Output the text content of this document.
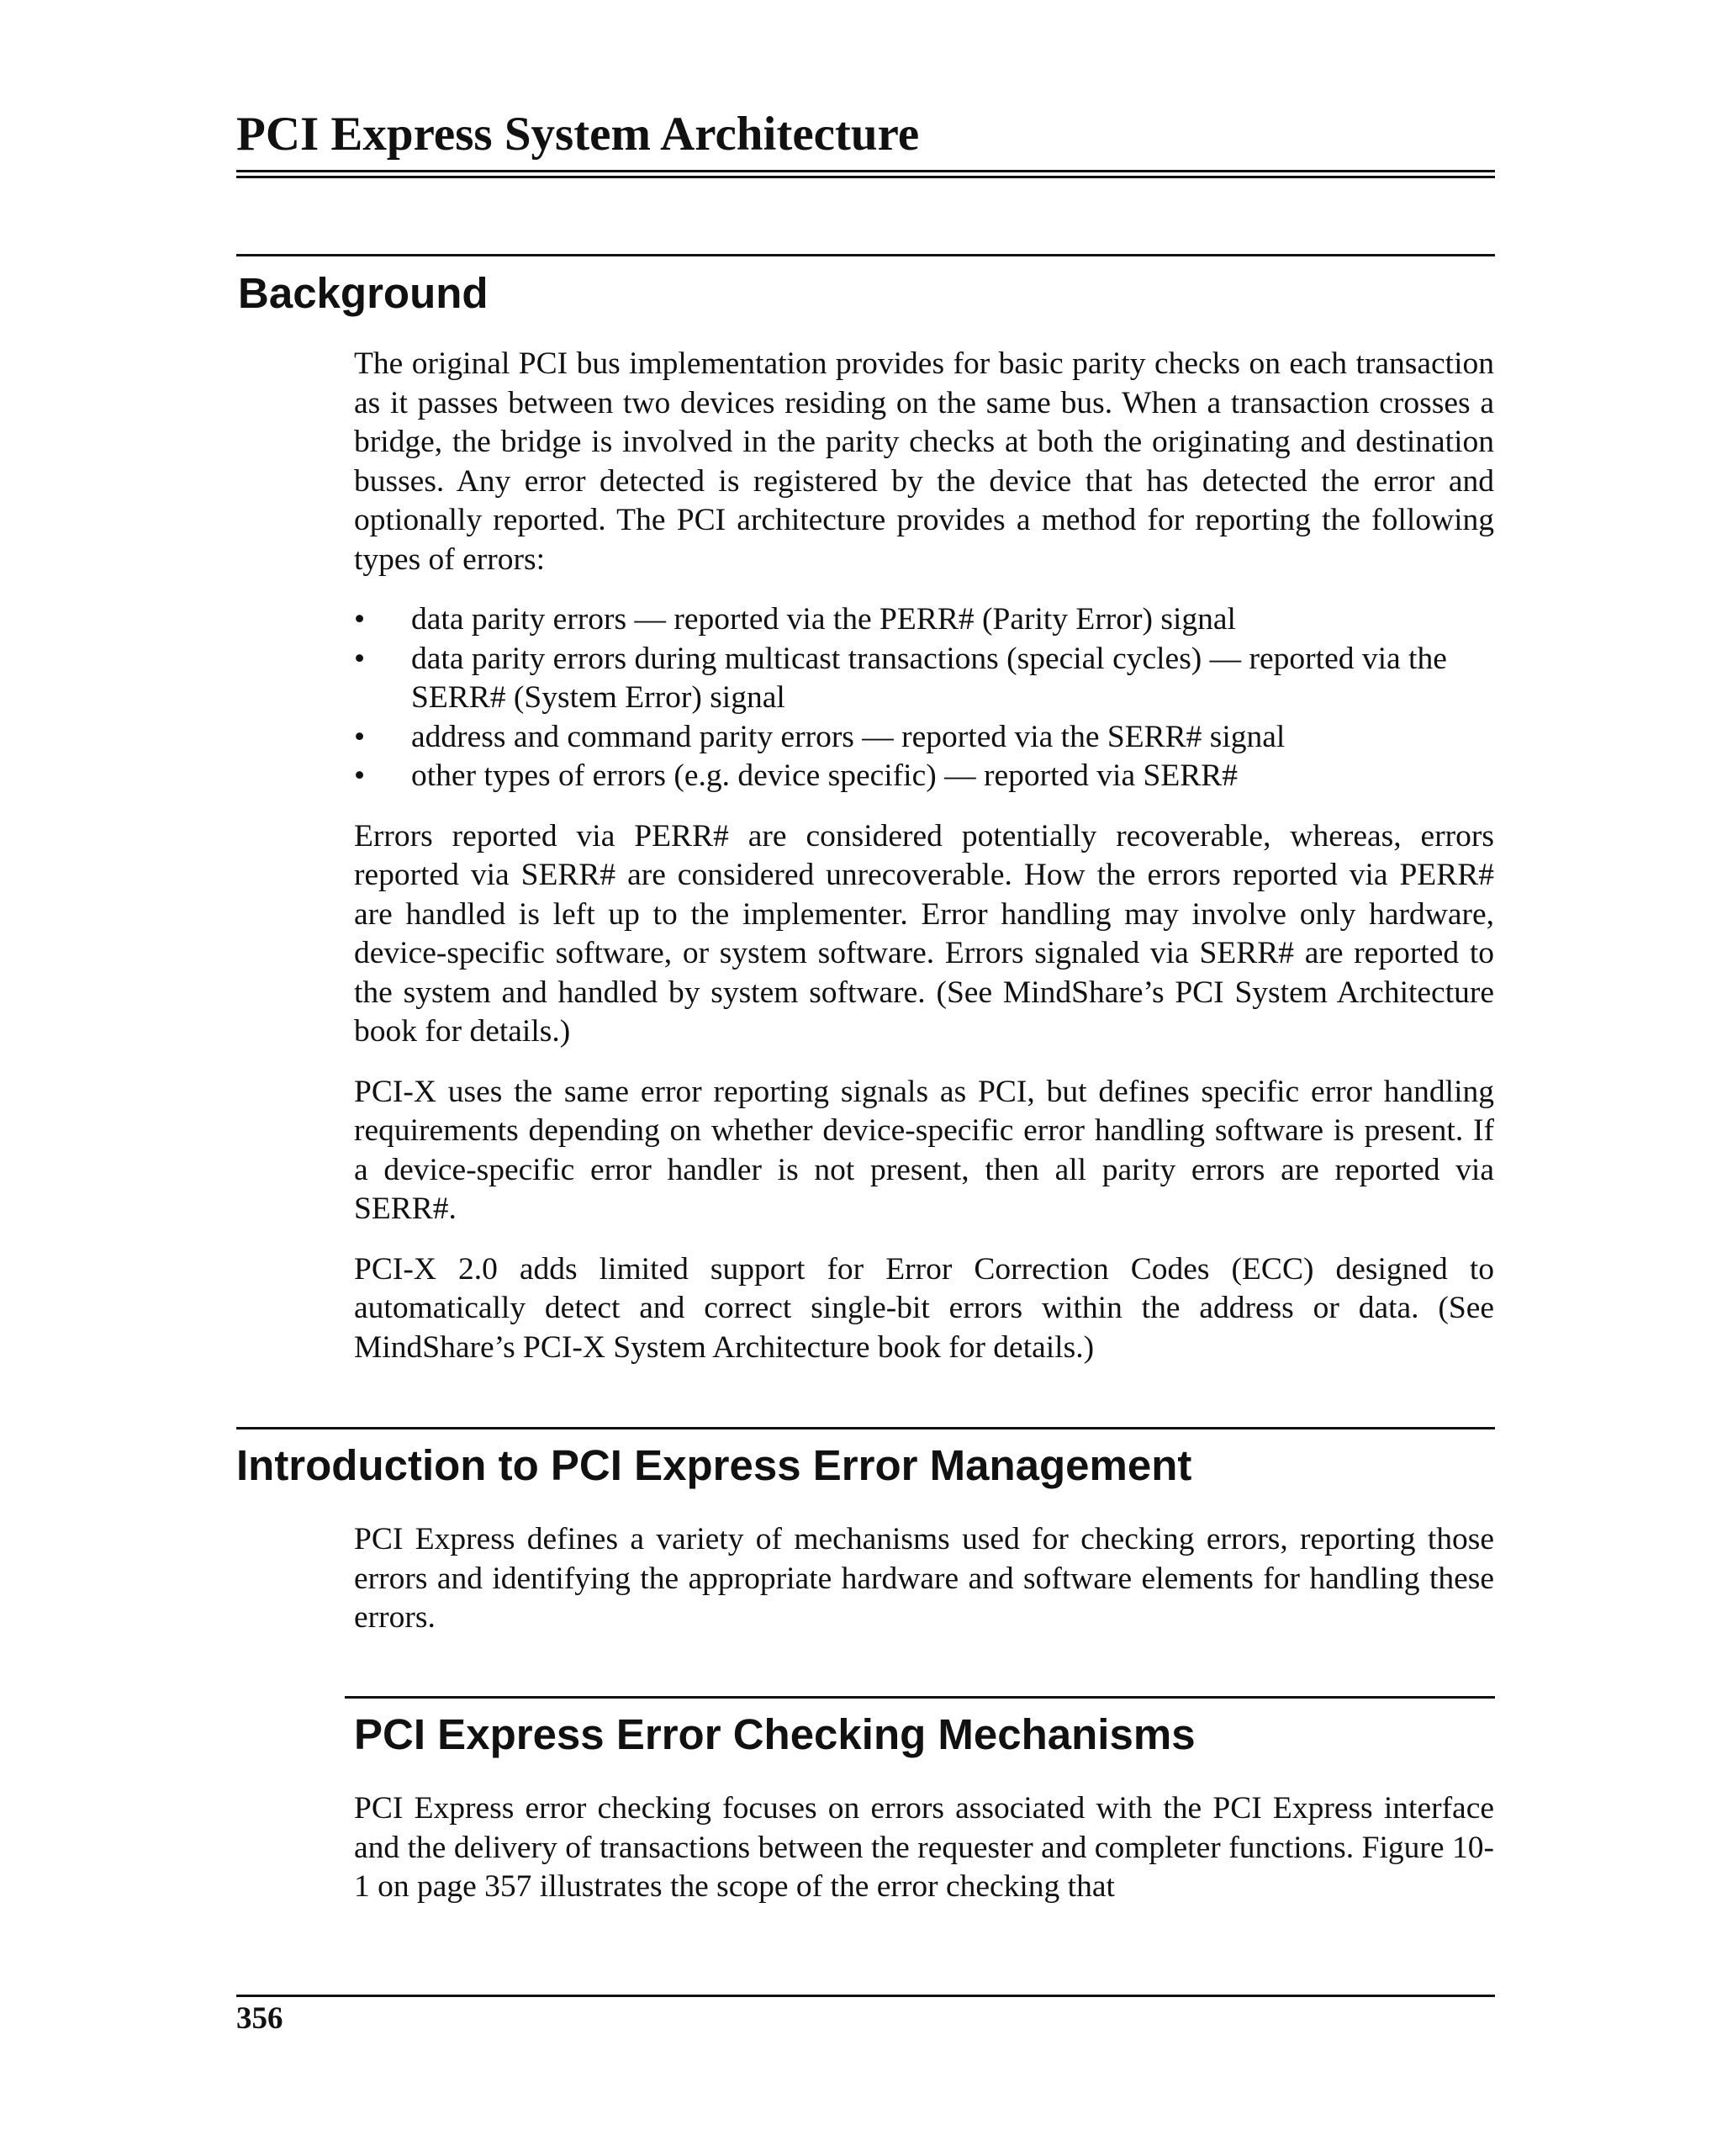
PCI Express System Architecture
Background

The original PCI bus implementation provides for basic parity checks on each transaction as it passes between two devices residing on the same bus. When a transaction crosses a bridge, the bridge is involved in the parity checks at both the originating and destination busses. Any error detected is registered by the device that has detected the error and optionally reported. The PCI architecture provides a method for reporting the following types of errors:

• data parity errors — reported via the PERR# (Parity Error) signal
• data parity errors during multicast transactions (special cycles) — reported via the SERR# (System Error) signal
• address and command parity errors — reported via the SERR# signal
• other types of errors (e.g. device specific) — reported via SERR#

Errors reported via PERR# are considered potentially recoverable, whereas, errors reported via SERR# are considered unrecoverable. How the errors reported via PERR# are handled is left up to the implementer. Error handling may involve only hardware, device-specific software, or system software. Errors signaled via SERR# are reported to the system and handled by system software. (See MindShare’s PCI System Architecture book for details.)

PCI-X uses the same error reporting signals as PCI, but defines specific error handling requirements depending on whether device-specific error handling software is present. If a device-specific error handler is not present, then all parity errors are reported via SERR#.

PCI-X 2.0 adds limited support for Error Correction Codes (ECC) designed to automatically detect and correct single-bit errors within the address or data. (See MindShare’s PCI-X System Architecture book for details.)

Introduction to PCI Express Error Management

PCI Express defines a variety of mechanisms used for checking errors, reporting those errors and identifying the appropriate hardware and software elements for handling these errors.

PCI Express Error Checking Mechanisms

PCI Express error checking focuses on errors associated with the PCI Express interface and the delivery of transactions between the requester and completer functions. Figure 10-1 on page 357 illustrates the scope of the error checking that

356
